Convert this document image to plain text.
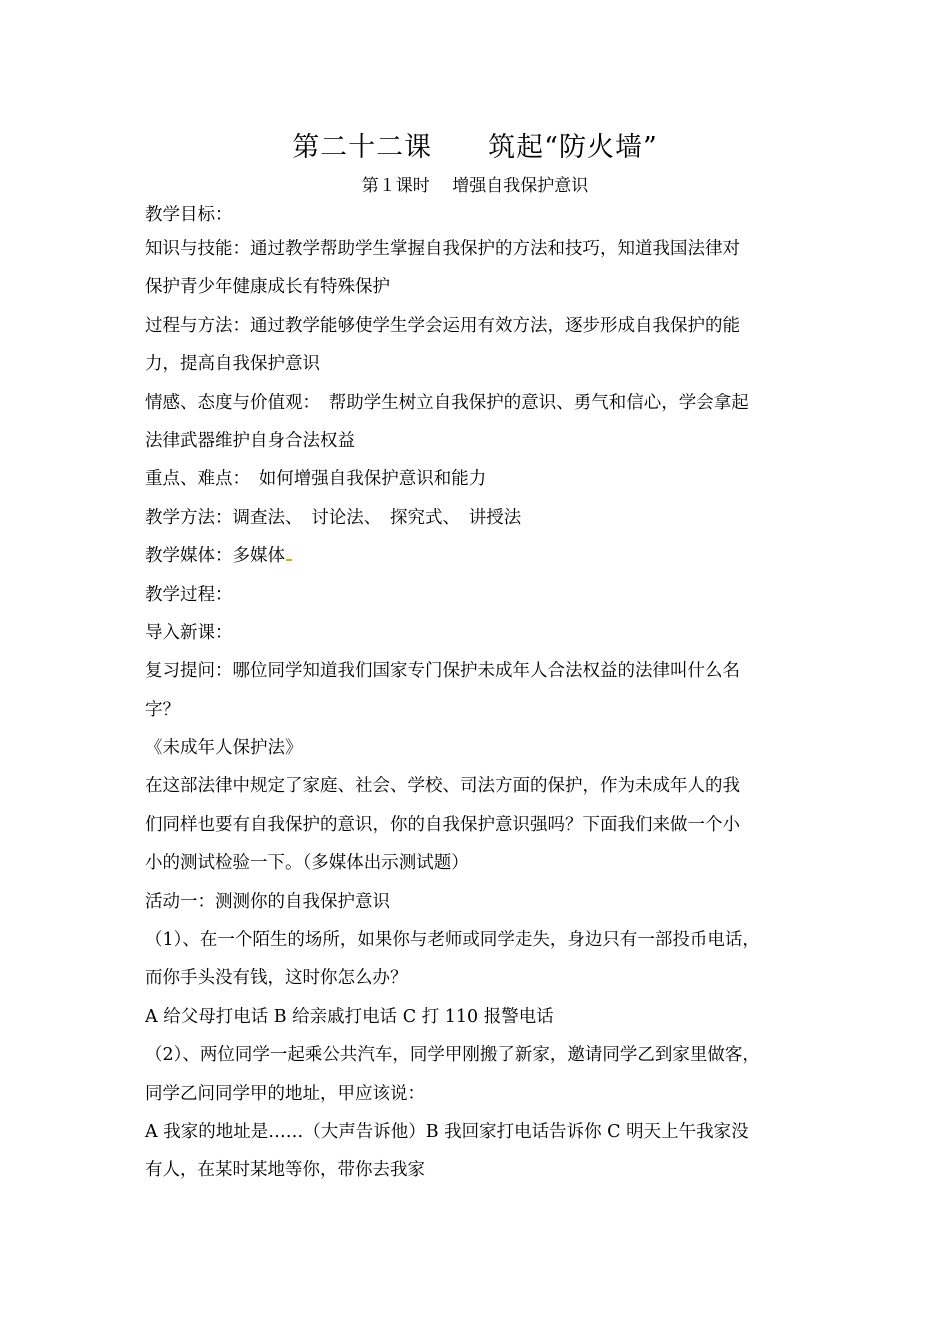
第二十二课　　筑起“防火墙”
第１课时　 增强自我保护意识
教学目标：
知识与技能：通过教学帮助学生掌握自我保护的方法和技巧，知道我国法律对
保护青少年健康成长有特殊保护
过程与方法：通过教学能够使学生学会运用有效方法，逐步形成自我保护的能
力，提高自我保护意识
情感、态度与价值观：　帮助学生树立自我保护的意识、勇气和信心，学会拿起
法律武器维护自身合法权益
重点、难点：　如何增强自我保护意识和能力
教学方法：调查法、　讨论法、　探究式、　讲授法
教学媒体：多媒体
教学过程：
导入新课：
复习提问：哪位同学知道我们国家专门保护未成年人合法权益的法律叫什么名
字？
《未成年人保护法》
在这部法律中规定了家庭、社会、学校、司法方面的保护，作为未成年人的我
们同样也要有自我保护的意识，你的自我保护意识强吗？下面我们来做一个小
小的测试检验一下。（多媒体出示测试题）
活动一：测测你的自我保护意识
（1）、在一个陌生的场所，如果你与老师或同学走失，身边只有一部投币电话，
而你手头没有钱，这时你怎么办？
A 给父母打电话 B 给亲戚打电话 C 打 110 报警电话
（2）、两位同学一起乘公共汽车，同学甲刚搬了新家，邀请同学乙到家里做客，
同学乙问同学甲的地址，甲应该说：
A 我家的地址是……（大声告诉他）B 我回家打电话告诉你 C 明天上午我家没
有人，在某时某地等你，带你去我家
